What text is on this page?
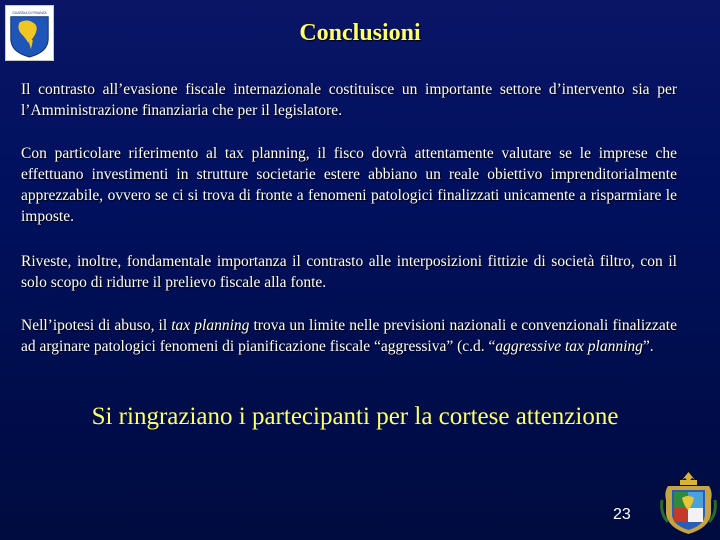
GUARDIA DI FINANZA
Conclusioni
Il contrasto all’evasione fiscale internazionale costituisce un importante settore d’intervento sia per l’Amministrazione finanziaria che per il legislatore.
Con particolare riferimento al tax planning, il fisco dovrà attentamente valutare se le imprese che effettuano investimenti in strutture societarie estere abbiano un reale obiettivo imprenditorialmente apprezzabile, ovvero se ci si trova di fronte a fenomeni patologici finalizzati unicamente a risparmiare le imposte.
Riveste, inoltre, fondamentale importanza il contrasto alle interposizioni fittizie di società filtro, con il solo scopo di ridurre il prelievo fiscale alla fonte.
Nell’ipotesi di abuso, il tax planning trova un limite nelle previsioni nazionali e convenzionali finalizzate ad arginare patologici fenomeni di pianificazione fiscale “aggressiva” (c.d. “aggressive tax planning”.
Si ringraziano i partecipanti per la cortese attenzione
23
